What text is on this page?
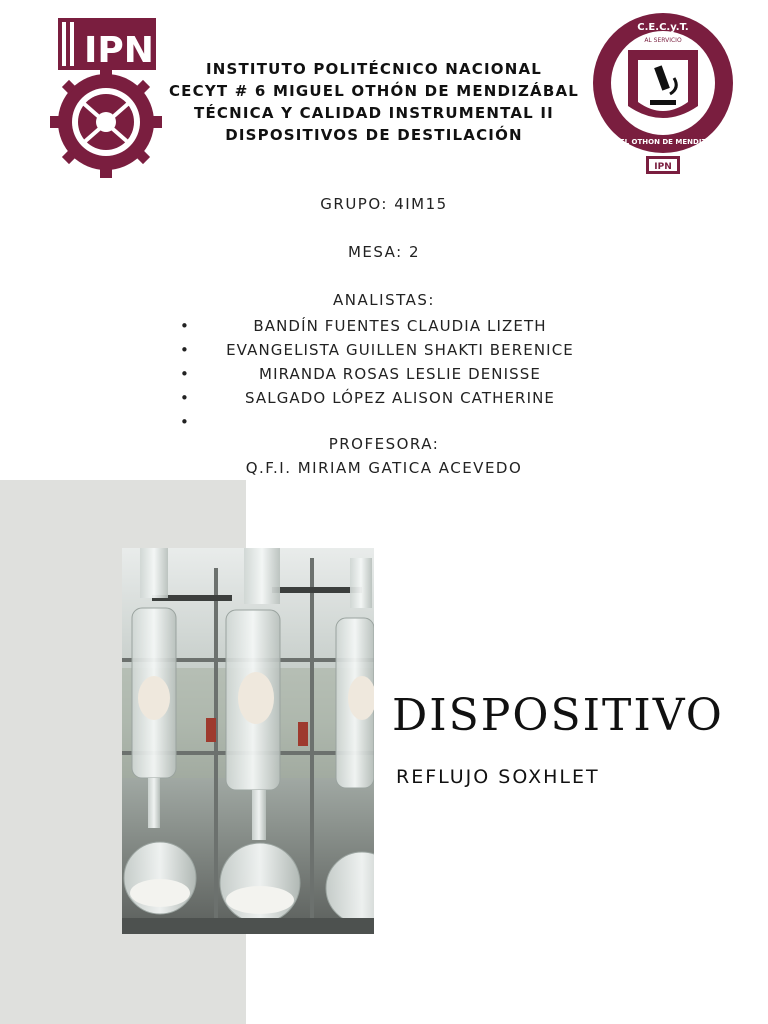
IPN
C.E.C.y.T.
AL SERVICIO
MIGUEL OTHON DE MENDIZABAL
IPN
INSTITUTO POLITÉCNICO NACIONAL
CECYT # 6 MIGUEL OTHÓN DE MENDIZÁBAL
TÉCNICA Y CALIDAD INSTRUMENTAL II
DISPOSITIVOS DE DESTILACIÓN
GRUPO: 4IM15
MESA: 2
ANALISTAS:
•	BANDÍN FUENTES CLAUDIA LIZETH
• EVANGELISTA GUILLEN SHAKTI BERENICE
•	MIRANDA ROSAS LESLIE DENISSE
•	SALGADO LÓPEZ ALISON CATHERINE
•
PROFESORA:
Q.F.I. MIRIAM GATICA ACEVEDO
DISPOSITIVO
REFLUJO SOXHLET
